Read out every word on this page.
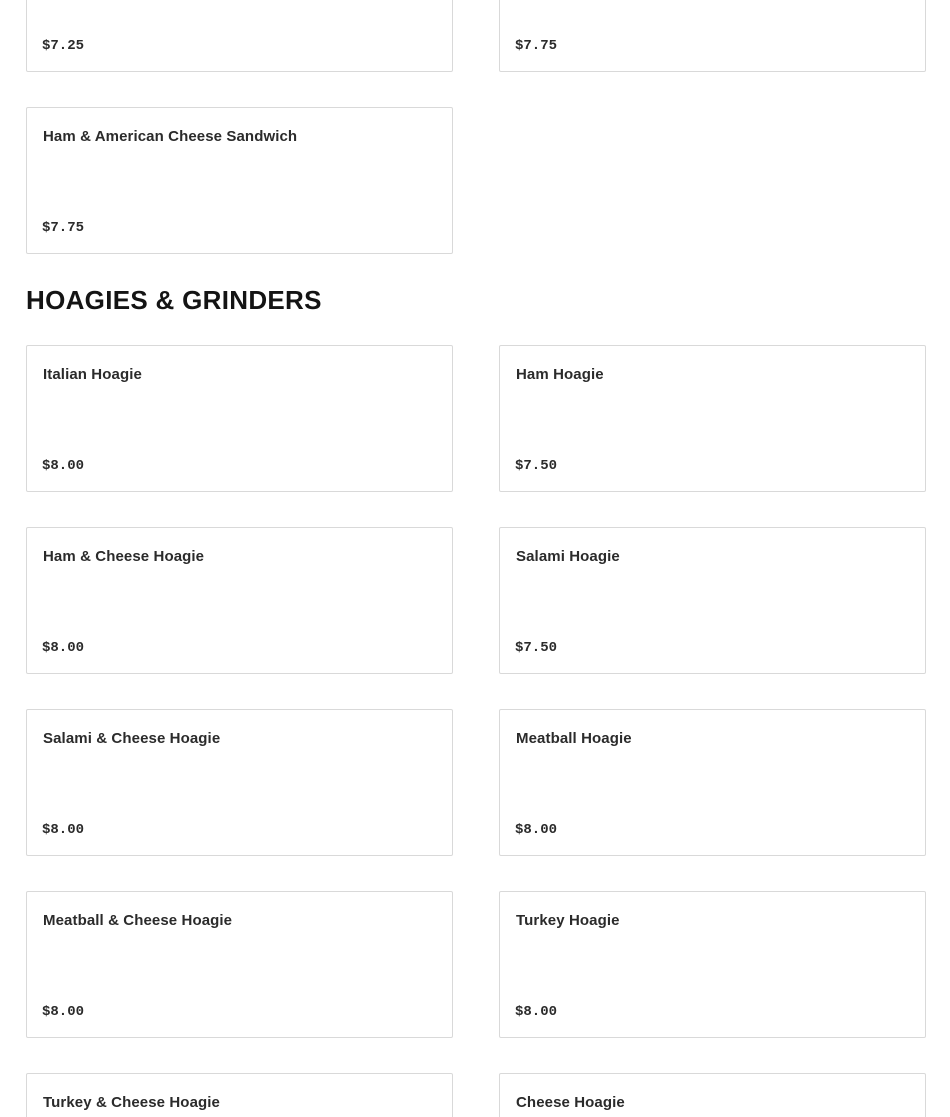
$7.25	$7.75
Ham & American Cheese Sandwich
$7.75
HOAGIES & GRINDERS
Italian Hoagie
$8.00
Ham Hoagie
$7.50
Ham & Cheese Hoagie
$8.00
Salami Hoagie
$7.50
Salami & Cheese Hoagie
$8.00
Meatball Hoagie
$8.00
Meatball & Cheese Hoagie
$8.00
Turkey Hoagie
$8.00
Turkey & Cheese Hoagie	Cheese Hoagie
